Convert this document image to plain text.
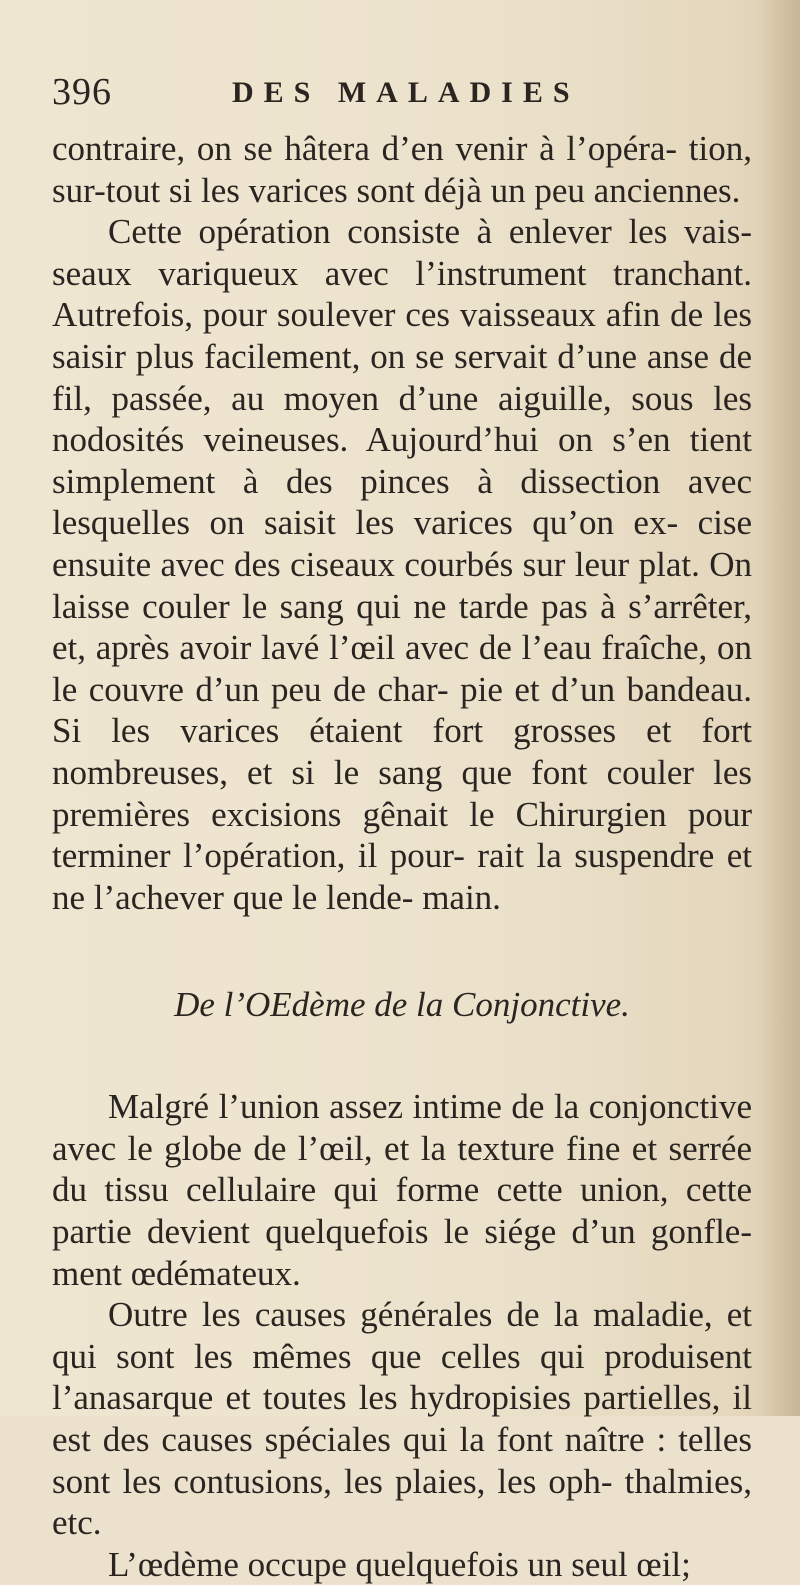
396	DES MALADIES

contraire, on se hâtera d’en venir à l’opéra- tion, sur-tout si les varices sont déjà un peu anciennes.

Cette opération consiste à enlever les vais- seaux variqueux avec l’instrument tranchant. Autrefois, pour soulever ces vaisseaux afin de les saisir plus facilement, on se servait d’une anse de fil, passée, au moyen d’une aiguille, sous les nodosités veineuses. Aujourd’hui on s’en tient simplement à des pinces à dissection avec lesquelles on saisit les varices qu’on ex- cise ensuite avec des ciseaux courbés sur leur plat. On laisse couler le sang qui ne tarde pas à s’arrêter, et, après avoir lavé l’œil avec de l’eau fraîche, on le couvre d’un peu de char- pie et d’un bandeau. Si les varices étaient fort grosses et fort nombreuses, et si le sang que font couler les premières excisions gênait le Chirurgien pour terminer l’opération, il pour- rait la suspendre et ne l’achever que le lende- main.

De l’OEdème de la Conjonctive.

Malgré l’union assez intime de la conjonctive avec le globe de l’œil, et la texture fine et serrée du tissu cellulaire qui forme cette union, cette partie devient quelquefois le siége d’un gonfle- ment œdémateux.

Outre les causes générales de la maladie, et qui sont les mêmes que celles qui produisent l’anasarque et toutes les hydropisies partielles, il est des causes spéciales qui la font naître : telles sont les contusions, les plaies, les oph- thalmies, etc.

L’œdème occupe quelquefois un seul œil;
